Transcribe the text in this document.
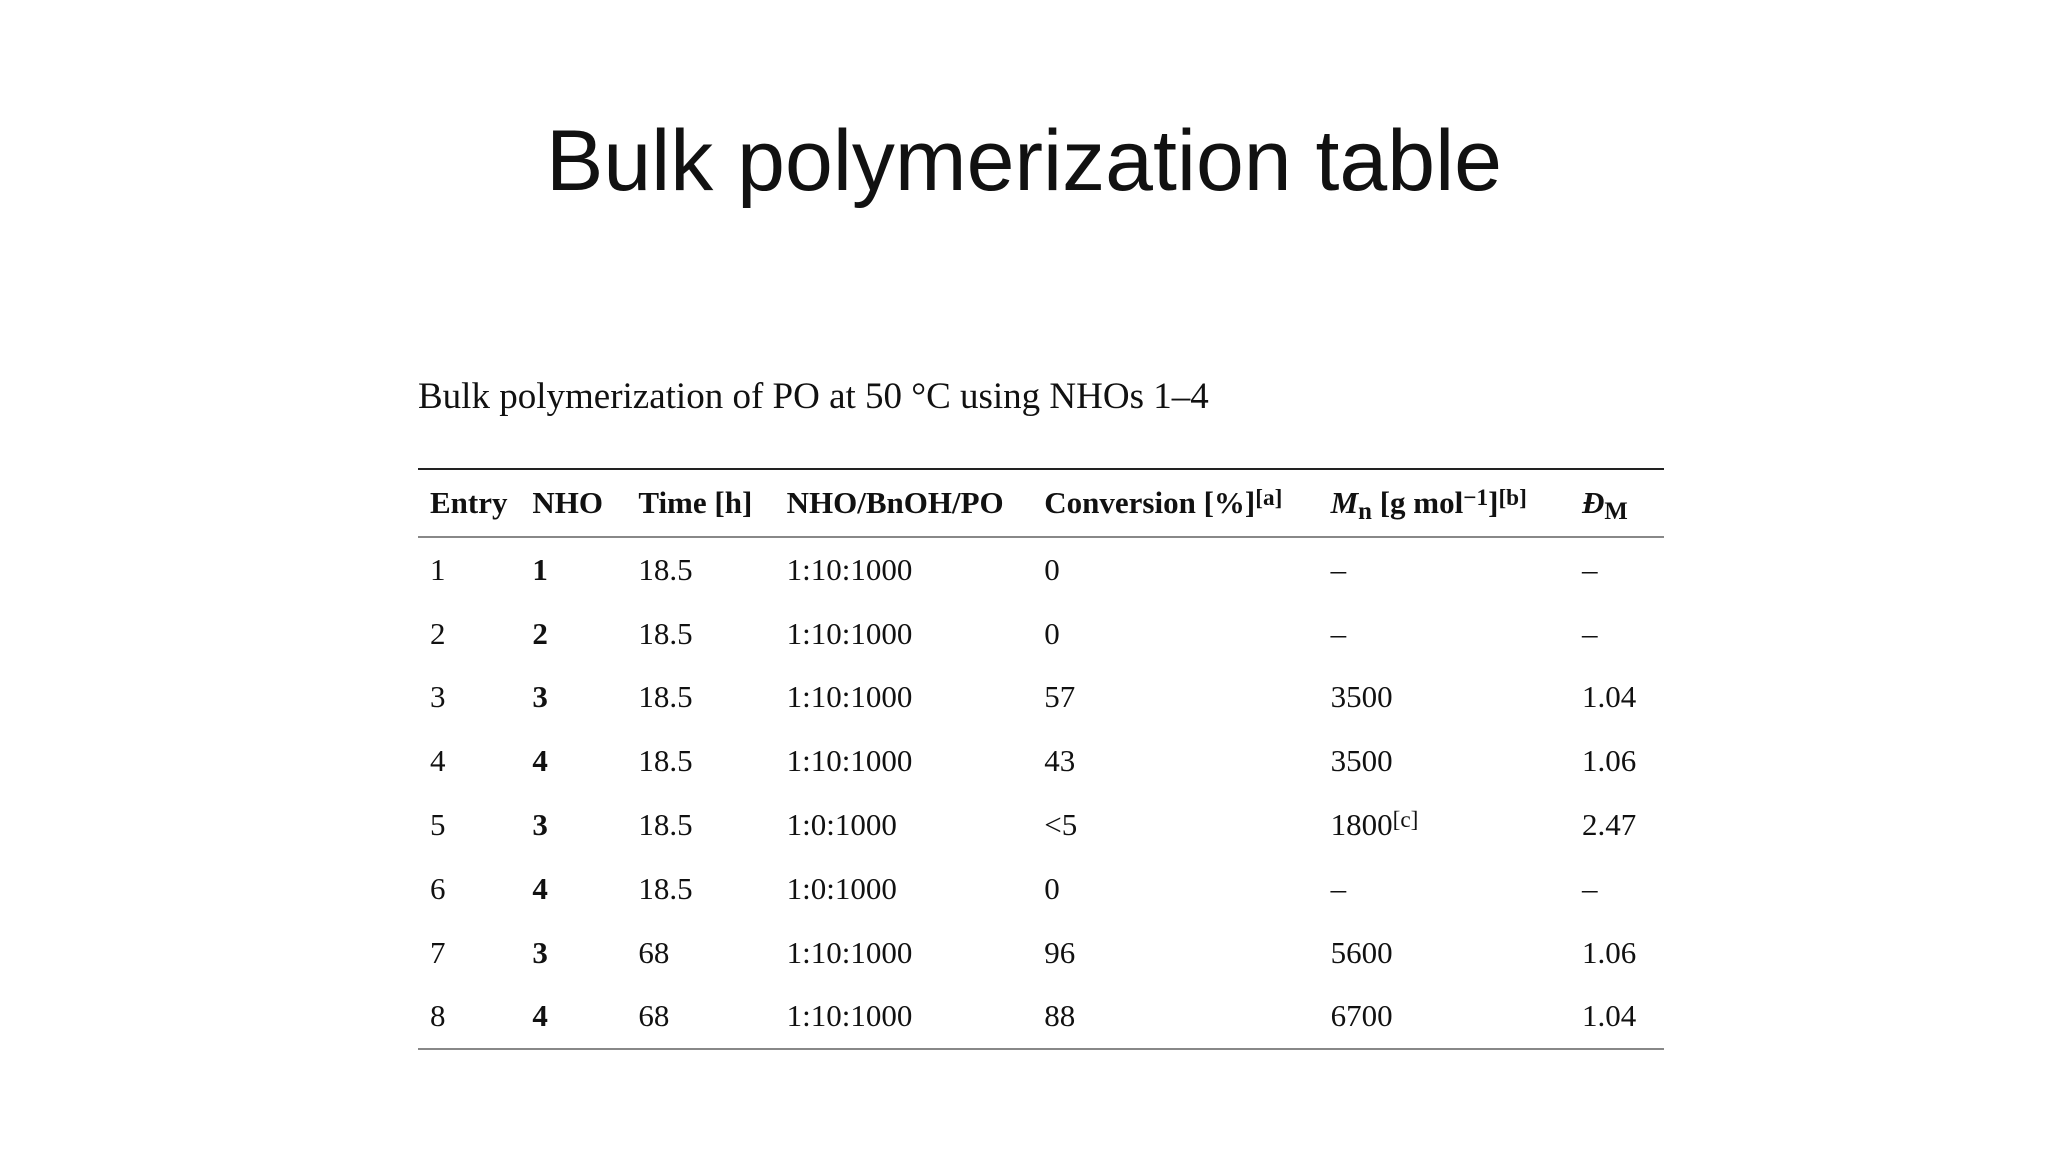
Bulk polymerization table
Bulk polymerization of PO at 50 °C using NHOs 1–4
Entry	NHO	Time [h]	NHO/BnOH/PO	Conversion [%][a]	$M_n$ [g mol$^{-1}$][b]	$Đ_M$
1	1	18.5	1:10:1000	0	–	–
2	2	18.5	1:10:1000	0	–	–
3	3	18.5	1:10:1000	57	3500	1.04
4	4	18.5	1:10:1000	43	3500	1.06
5	3	18.5	1:0:1000	<5	1800[c]	2.47
6	4	18.5	1:0:1000	0	–	–
7	3	68	1:10:1000	96	5600	1.06
8	4	68	1:10:1000	88	6700	1.04
